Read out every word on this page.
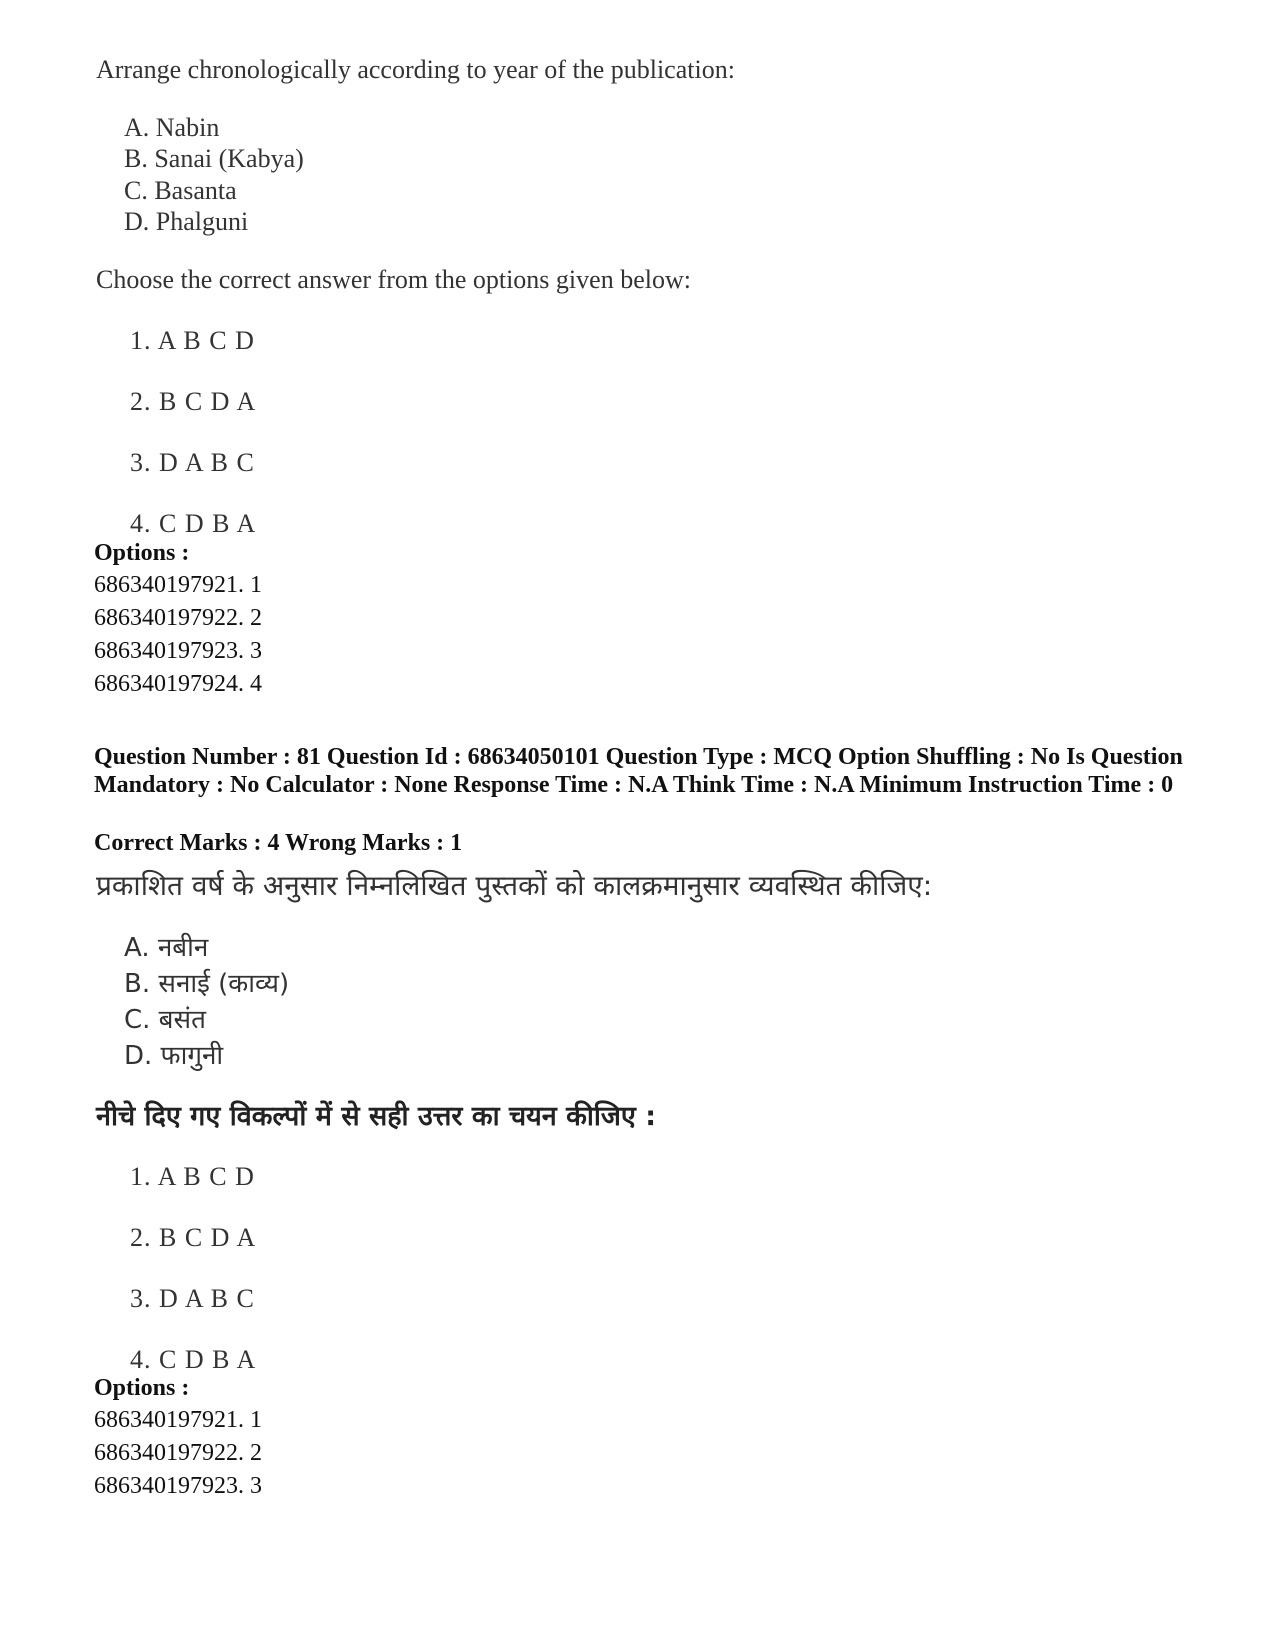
Arrange chronologically according to year of the publication:

A. Nabin

B. Sanai (Kabya)

C. Basanta

D. Phalguni

Choose the correct answer from the options given below:

1. A B C D

2. B C D A

3. D A B C

4. C D B A

Options :

686340197921. 1

686340197922. 2

686340197923. 3

686340197924. 4

Question Number : 81 Question Id : 68634050101 Question Type : MCQ Option Shuffling : No Is Question Mandatory : No Calculator : None Response Time : N.A Think Time : N.A Minimum Instruction Time : 0

Correct Marks : 4 Wrong Marks : 1

प्रकाशित वर्ष के अनुसार निम्नलिखित पुस्तकों को कालक्रमानुसार व्यवस्थित कीजिए:

A. नबीन

B. सनाई (काव्य)

C. बसंत

D. फागुनी

नीचे दिए गए विकल्पों में से सही उत्तर का चयन कीजिए :

1. A B C D

2. B C D A

3. D A B C

4. C D B A

Options :

686340197921. 1

686340197922. 2

686340197923. 3
